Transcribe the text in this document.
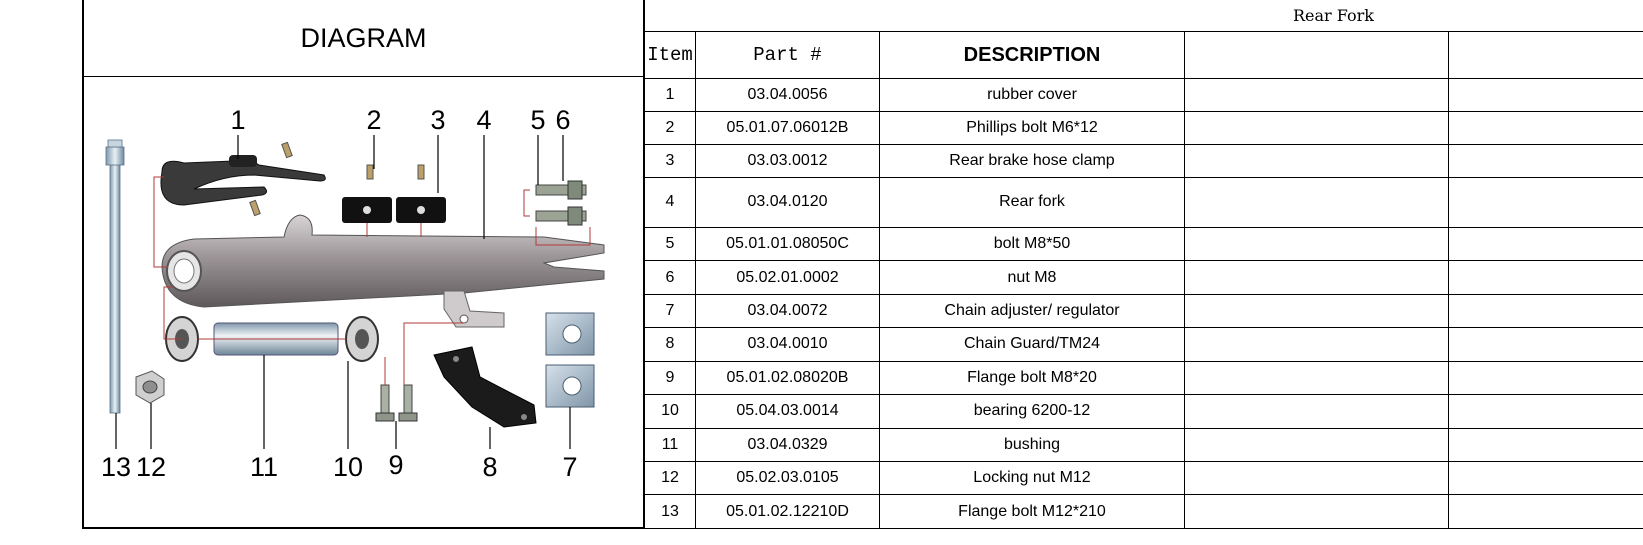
DIAGRAM
1	2 3 4 5 6
7
8
9
10
11
12
13
Rear Fork				
Item	Part #	DESCRIPTION		
1	03.04.0056	rubber cover		
2	05.01.07.06012B	Phillips bolt M6*12		
3	03.03.0012	Rear brake hose clamp		
4	03.04.0120	Rear fork		
5	05.01.01.08050C	bolt M8*50		
6	05.02.01.0002	nut M8		
7	03.04.0072	Chain adjuster/ regulator		
8	03.04.0010	Chain Guard/TM24		
9	05.01.02.08020B	Flange bolt M8*20		
10	05.04.03.0014	bearing 6200-12		
11	03.04.0329	bushing		
12	05.02.03.0105	Locking nut M12		
13	05.01.02.12210D	Flange bolt M12*210		
